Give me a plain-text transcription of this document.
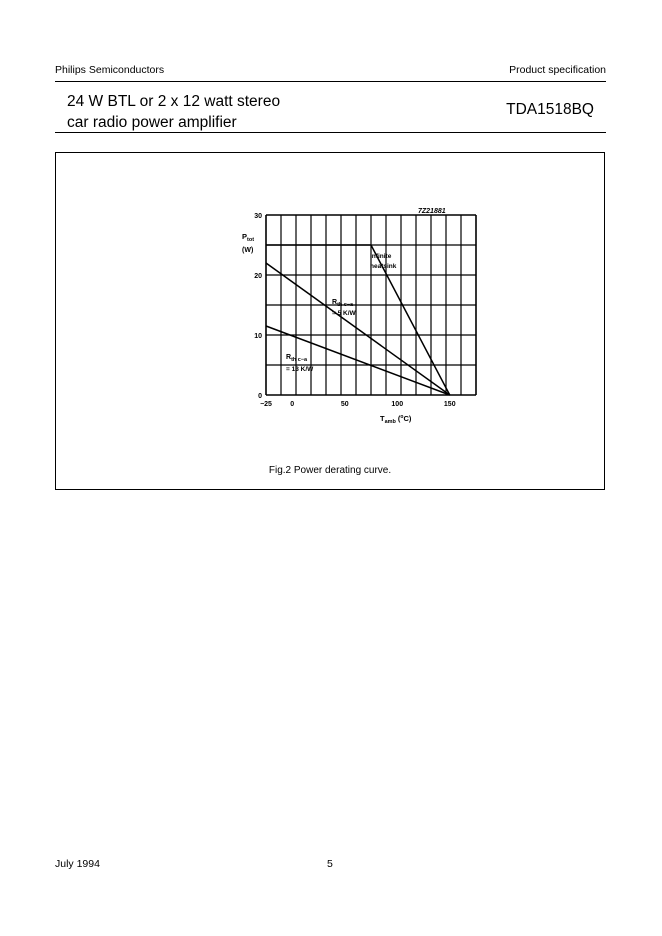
Philips Semiconductors	Product specification
24 W BTL or 2 x 12 watt stereo
car radio power amplifier
TDA1518BQ
−25	0	50	100	150
0
10
20
30
7Z21881
$P_{tot}$
(W)
$T_{amb}$ ($^o$C)
infinite
heatsink
$R_{th c-a}$
= 5 K/W
$R_{th c-a}$
= 13 K/W
Fig.2 Power derating curve.
July 1994	5
